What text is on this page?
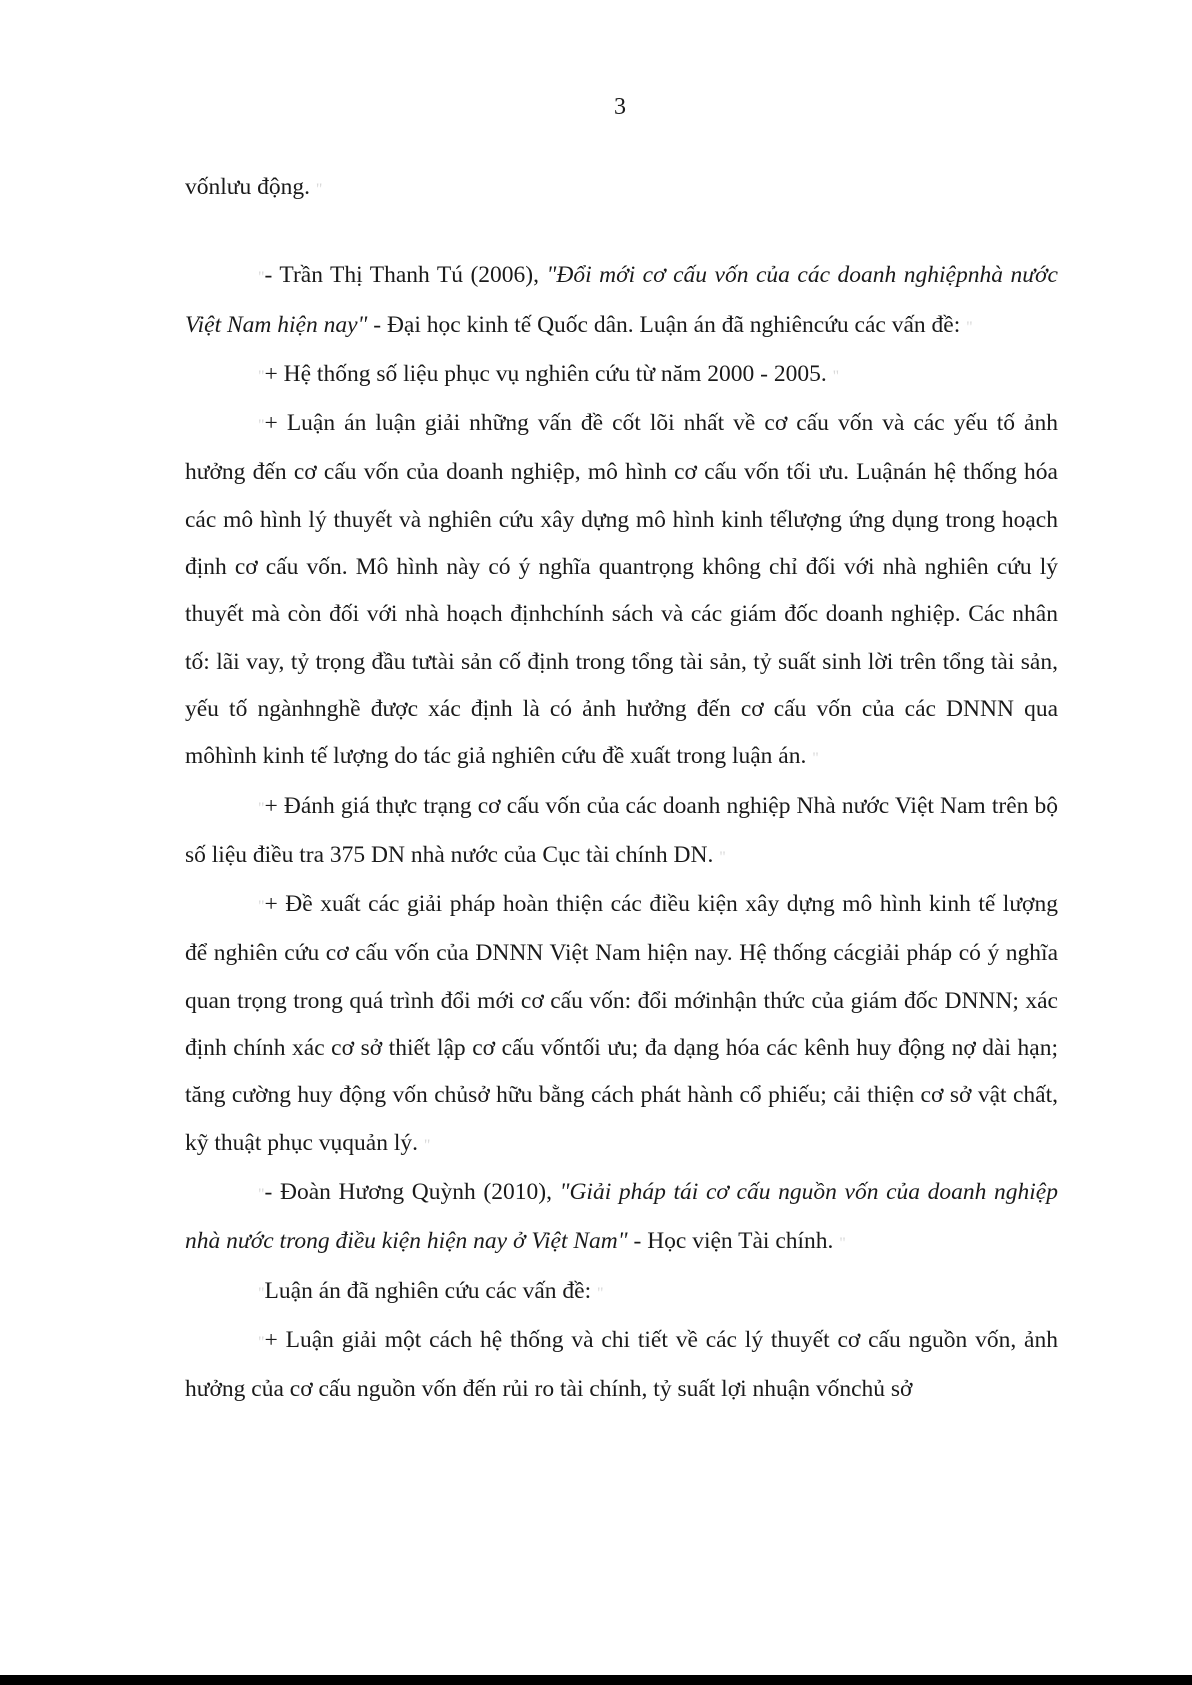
3

vốnlưu động. "

"- Trần Thị Thanh Tú (2006), "Đổi mới cơ cấu vốn của các doanh nghiệpnhà nước Việt Nam hiện nay" - Đại học kinh tế Quốc dân. Luận án đã nghiêncứu các vấn đề: "

"+ Hệ thống số liệu phục vụ nghiên cứu từ năm 2000 - 2005. "

"+ Luận án luận giải những vấn đề cốt lõi nhất về cơ cấu vốn và các yếu tố ảnh hưởng đến cơ cấu vốn của doanh nghiệp, mô hình cơ cấu vốn tối ưu. Luậnán hệ thống hóa các mô hình lý thuyết và nghiên cứu xây dựng mô hình kinh tếlượng ứng dụng trong hoạch định cơ cấu vốn. Mô hình này có ý nghĩa quantrọng không chỉ đối với nhà nghiên cứu lý thuyết mà còn đối với nhà hoạch địnhchính sách và các giám đốc doanh nghiệp. Các nhân tố: lãi vay, tỷ trọng đầu tưtài sản cố định trong tổng tài sản, tỷ suất sinh lời trên tổng tài sản, yếu tố ngànhnghề được xác định là có ảnh hưởng đến cơ cấu vốn của các DNNN qua môhình kinh tế lượng do tác giả nghiên cứu đề xuất trong luận án. "

"+ Đánh giá thực trạng cơ cấu vốn của các doanh nghiệp Nhà nước Việt Nam trên bộ số liệu điều tra 375 DN nhà nước của Cục tài chính DN. "

"+ Đề xuất các giải pháp hoàn thiện các điều kiện xây dựng mô hình kinh tế lượng để nghiên cứu cơ cấu vốn của DNNN Việt Nam hiện nay. Hệ thống cácgiải pháp có ý nghĩa quan trọng trong quá trình đổi mới cơ cấu vốn: đổi mớinhận thức của giám đốc DNNN; xác định chính xác cơ sở thiết lập cơ cấu vốntối ưu; đa dạng hóa các kênh huy động nợ dài hạn; tăng cường huy động vốn chủsở hữu bằng cách phát hành cổ phiếu; cải thiện cơ sở vật chất, kỹ thuật phục vụquản lý. "

"- Đoàn Hương Quỳnh (2010), "Giải pháp tái cơ cấu nguồn vốn của doanh nghiệp nhà nước trong điều kiện hiện nay ở Việt Nam" - Học viện Tài chính. "

"Luận án đã nghiên cứu các vấn đề: "

"+ Luận giải một cách hệ thống và chi tiết về các lý thuyết cơ cấu nguồn vốn, ảnh hưởng của cơ cấu nguồn vốn đến rủi ro tài chính, tỷ suất lợi nhuận vốnchủ sở
